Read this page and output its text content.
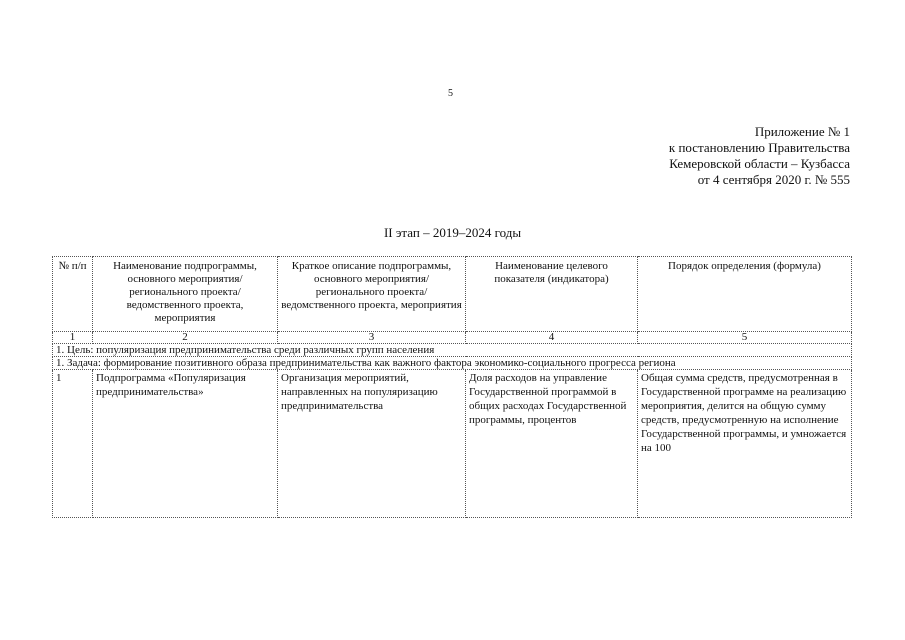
5
Приложение № 1
к постановлению Правительства
Кемеровской области – Кузбасса
от 4 сентября 2020 г. № 555
II этап – 2019–2024 годы
№ п/п	Наименование подпрограммы, основного мероприятия/регионального проекта/ ведомственного проекта, мероприятия	Краткое описание подпрограммы, основного мероприятия/регионального проекта/ ведомственного проекта, мероприятия	Наименование целевого показателя (индикатора)	Порядок определения (формула)
1	2	3	4	5
1. Цель: популяризация предпринимательства среди различных групп населения				
1. Задача: формирование позитивного образа предпринимательства как важного фактора экономико-социального прогресса региона				
1	Подпрограмма «Популяризация предпринимательства»	Организация мероприятий, направленных на популяризацию предпринимательства	Доля расходов на управление Государственной программой в общих расходах Государственной программы, процентов	Общая сумма средств, предусмотренная в Государственной программе на реализацию мероприятия, делится на общую сумму средств, предусмотренную на исполнение Государственной программы, и умножается на 100
